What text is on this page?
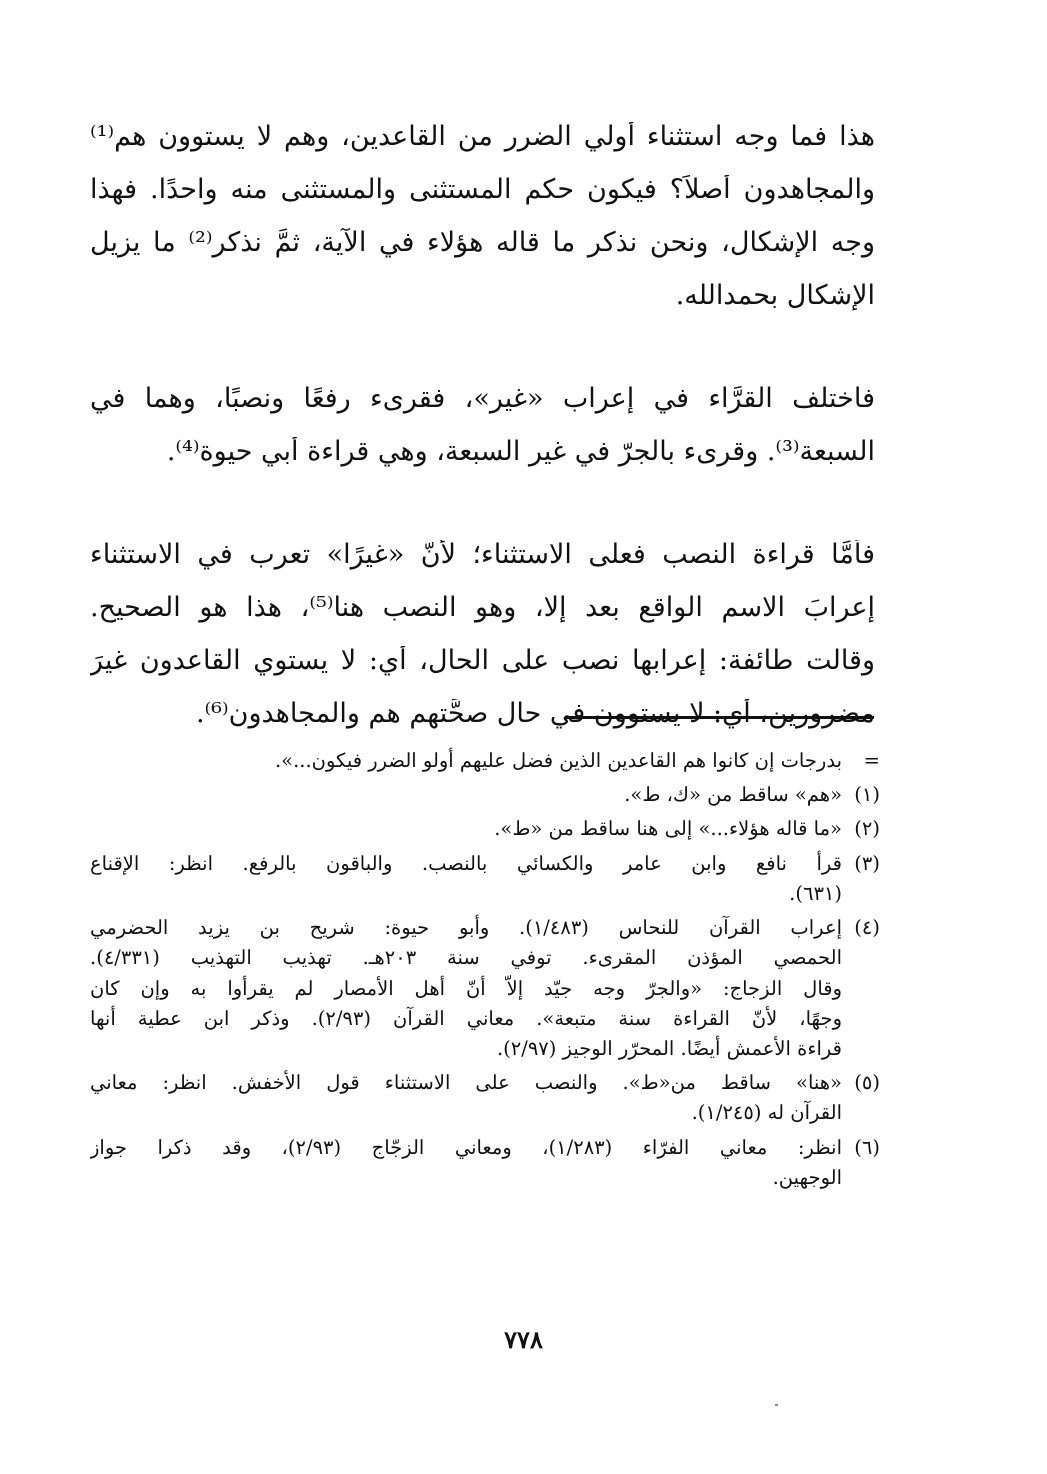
هذا فما وجه استثناء أولي الضرر من القاعدين، وهم لا يستوون هم⁽¹⁾
والمجاهدون أصلاً؟ فيكون حكم المستثنى والمستثنى منه واحدًا. فهذا
وجه الإشكال، ونحن نذكر ما قاله هؤلاء في الآية، ثمَّ نذكر⁽²⁾ ما يزيل
الإشكال بحمدالله.
فاختلف القرَّاء في إعراب «غير»، فقرىء رفعًا ونصبًا، وهما في
السبعة⁽³⁾. وقرىء بالجرّ في غير السبعة، وهي قراءة أبي حيوة⁽⁴⁾.
فأمَّا قراءة النصب فعلى الاستثناء؛ لأنّ «غيرًا» تعرب في الاستثناء
إعرابَ الاسم الواقع بعد إلا، وهو النصب هنا⁽⁵⁾، هذا هو الصحيح.
وقالت طائفة: إعرابها نصب على الحال، أي: لا يستوي القاعدون غيرَ
مضرورين، أي: لا يستوون في حال صحَّتهم هم والمجاهدون⁽⁶⁾.
=
بدرجات إن كانوا هم القاعدين الذين فضل عليهم أولو الضرر فيكون...».
(١)
«هم» ساقط من «ك، ط».
(٢)
«ما قاله هؤلاء...» إلى هنا ساقط من «ط».
(٣)
قرأ نافع وابن عامر والكسائي بالنصب. والباقون بالرفع. انظر: الإقناع
(٦٣١).
(٤)
إعراب القرآن للنحاس (١/٤٨٣). وأبو حيوة: شريح بن يزيد الحضرمي
الحمصي المؤذن المقرىء. توفي سنة ٢٠٣هـ. تهذيب التهذيب (٤/٣٣١).
وقال الزجاج: «والجرّ وجه جيّد إلاّ أنّ أهل الأمصار لم يقرأوا به وإن كان
وجهًا، لأنّ القراءة سنة متبعة». معاني القرآن (٢/٩٣). وذكر ابن عطية أنها
قراءة الأعمش أيضًا. المحرّر الوجيز (٢/٩٧).
(٥)
«هنا» ساقط من«ط». والنصب على الاستثناء قول الأخفش. انظر: معاني
القرآن له (١/٢٤٥).
(٦)
انظر: معاني الفرّاء (١/٢٨٣)، ومعاني الزجّاج (٢/٩٣)، وقد ذكرا جواز
الوجهين.
٧٧٨
